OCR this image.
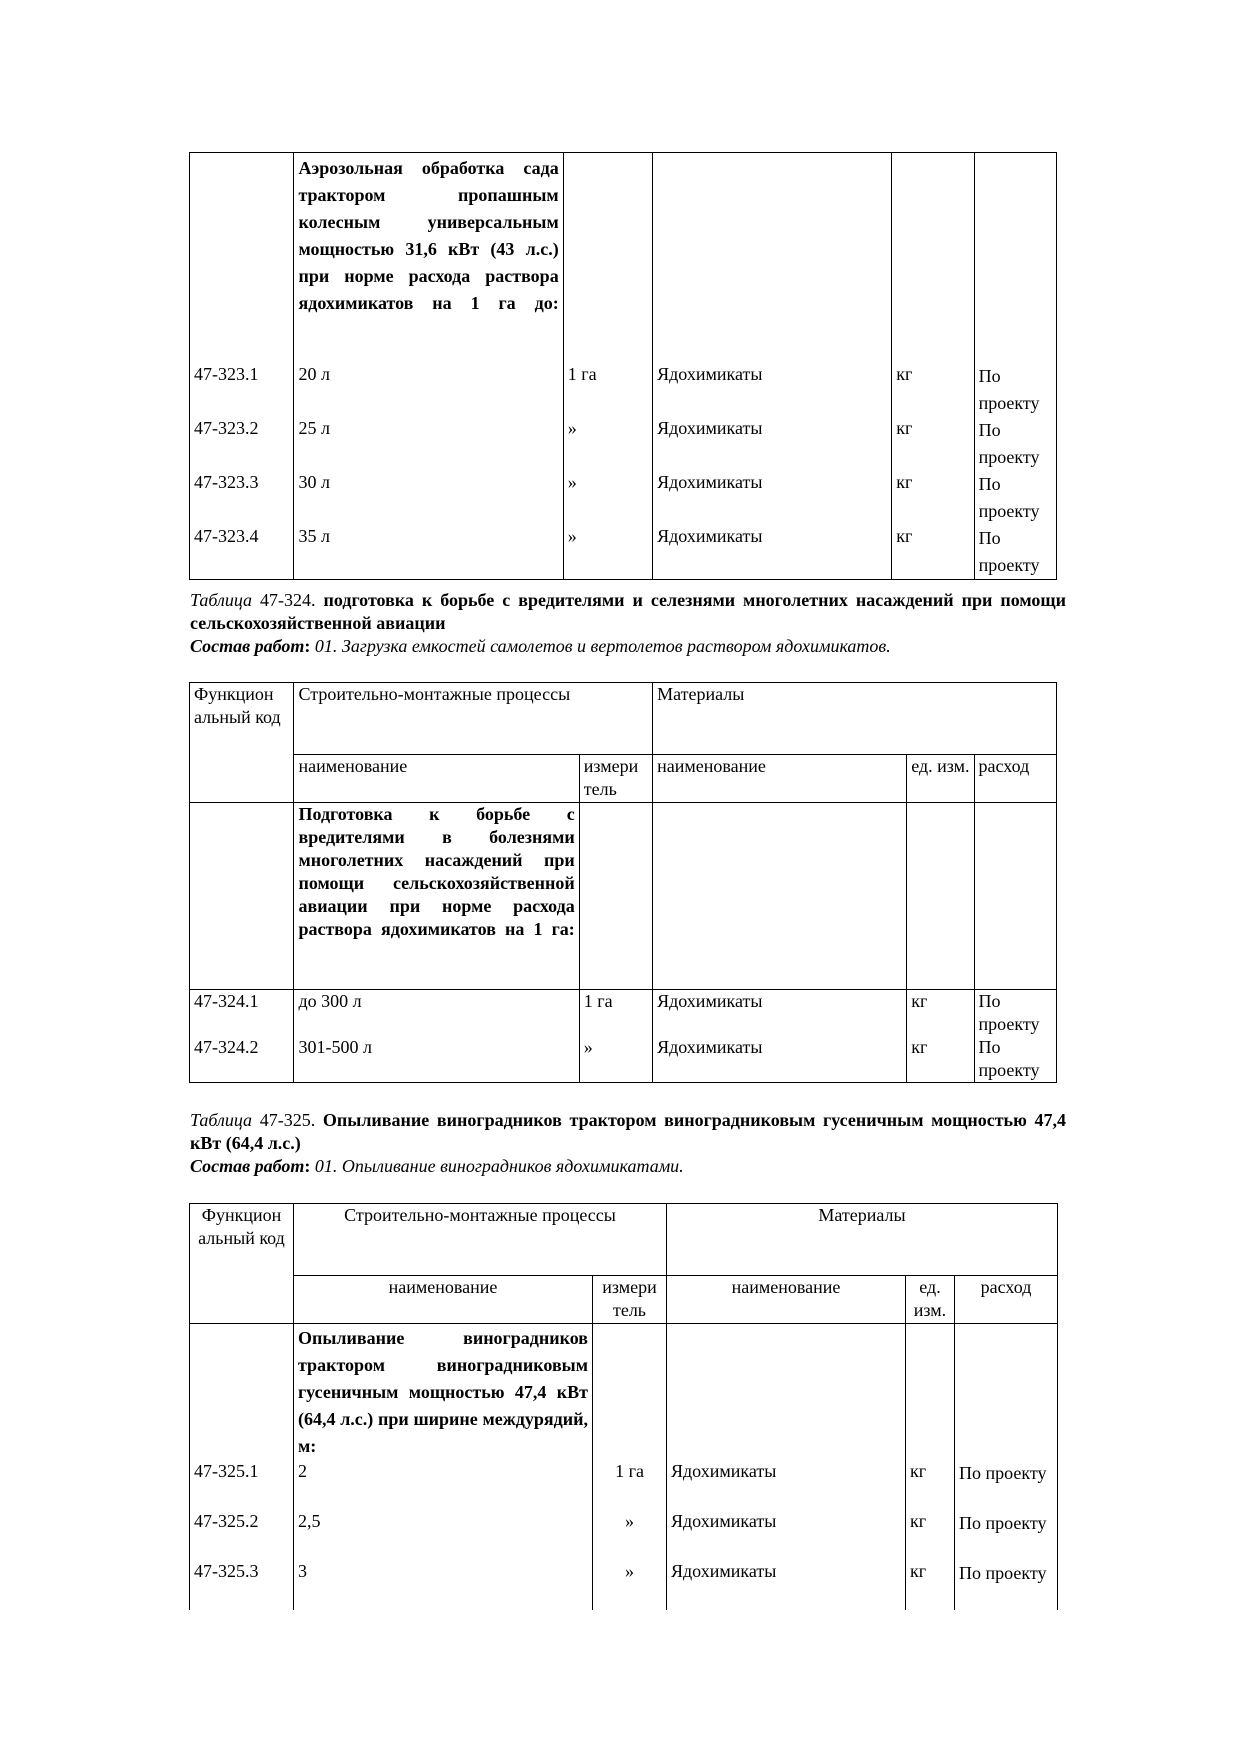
	Аэрозольная обработка сада трактором пропашным колесным универсальным мощностью 31,6 кВт (43 л.с.) при норме расхода раствора ядохимикатов на 1 га до:				
47-323.1	20 л	1 га	Ядохимикаты	кг	По проекту
47-323.2	25 л	»	Ядохимикаты	кг	По проекту
47-323.3	30 л	»	Ядохимикаты	кг	По проекту
47-323.4	35 л	»	Ядохимикаты	кг	По проекту
Таблица 47-324. подготовка к борьбе с вредителями и селезнями многолетних насаждений при помощи сельскохозяйственной авиации
Состав работ: 01. Загрузка емкостей самолетов и вертолетов раствором ядохимикатов.
Функцион альный код	Строительно-монтажные процессы		Материалы		
	наименование	измери тель	наименование	ед. изм.	расход
	Подготовка к борьбе с вредителями в болезнями многолетних насаждений при помощи сельскохозяйственной авиации при норме расхода раствора ядохимикатов на 1 га:				
47-324.1	до 300 л	1 га	Ядохимикаты	кг	По проекту
47-324.2	301-500 л	»	Ядохимикаты	кг	По проекту
Таблица 47-325. Опыливание виноградников трактором виноградниковым гусеничным мощностью 47,4 кВт (64,4 л.с.)
Состав работ: 01. Опыливание виноградников ядохимикатами.
Функцион альный код	Строительно-монтажные процессы		Материалы		
	наименование	измери тель	наименование	ед. изм.	расход
	Опыливание виноградников трактором виноградниковым гусеничным мощностью 47,4 кВт (64,4 л.с.) при ширине междурядий, м:				
47-325.1	2	1 га	Ядохимикаты	кг	По проекту
47-325.2	2,5	»	Ядохимикаты	кг	По проекту
47-325.3	3	»	Ядохимикаты	кг	По проекту
